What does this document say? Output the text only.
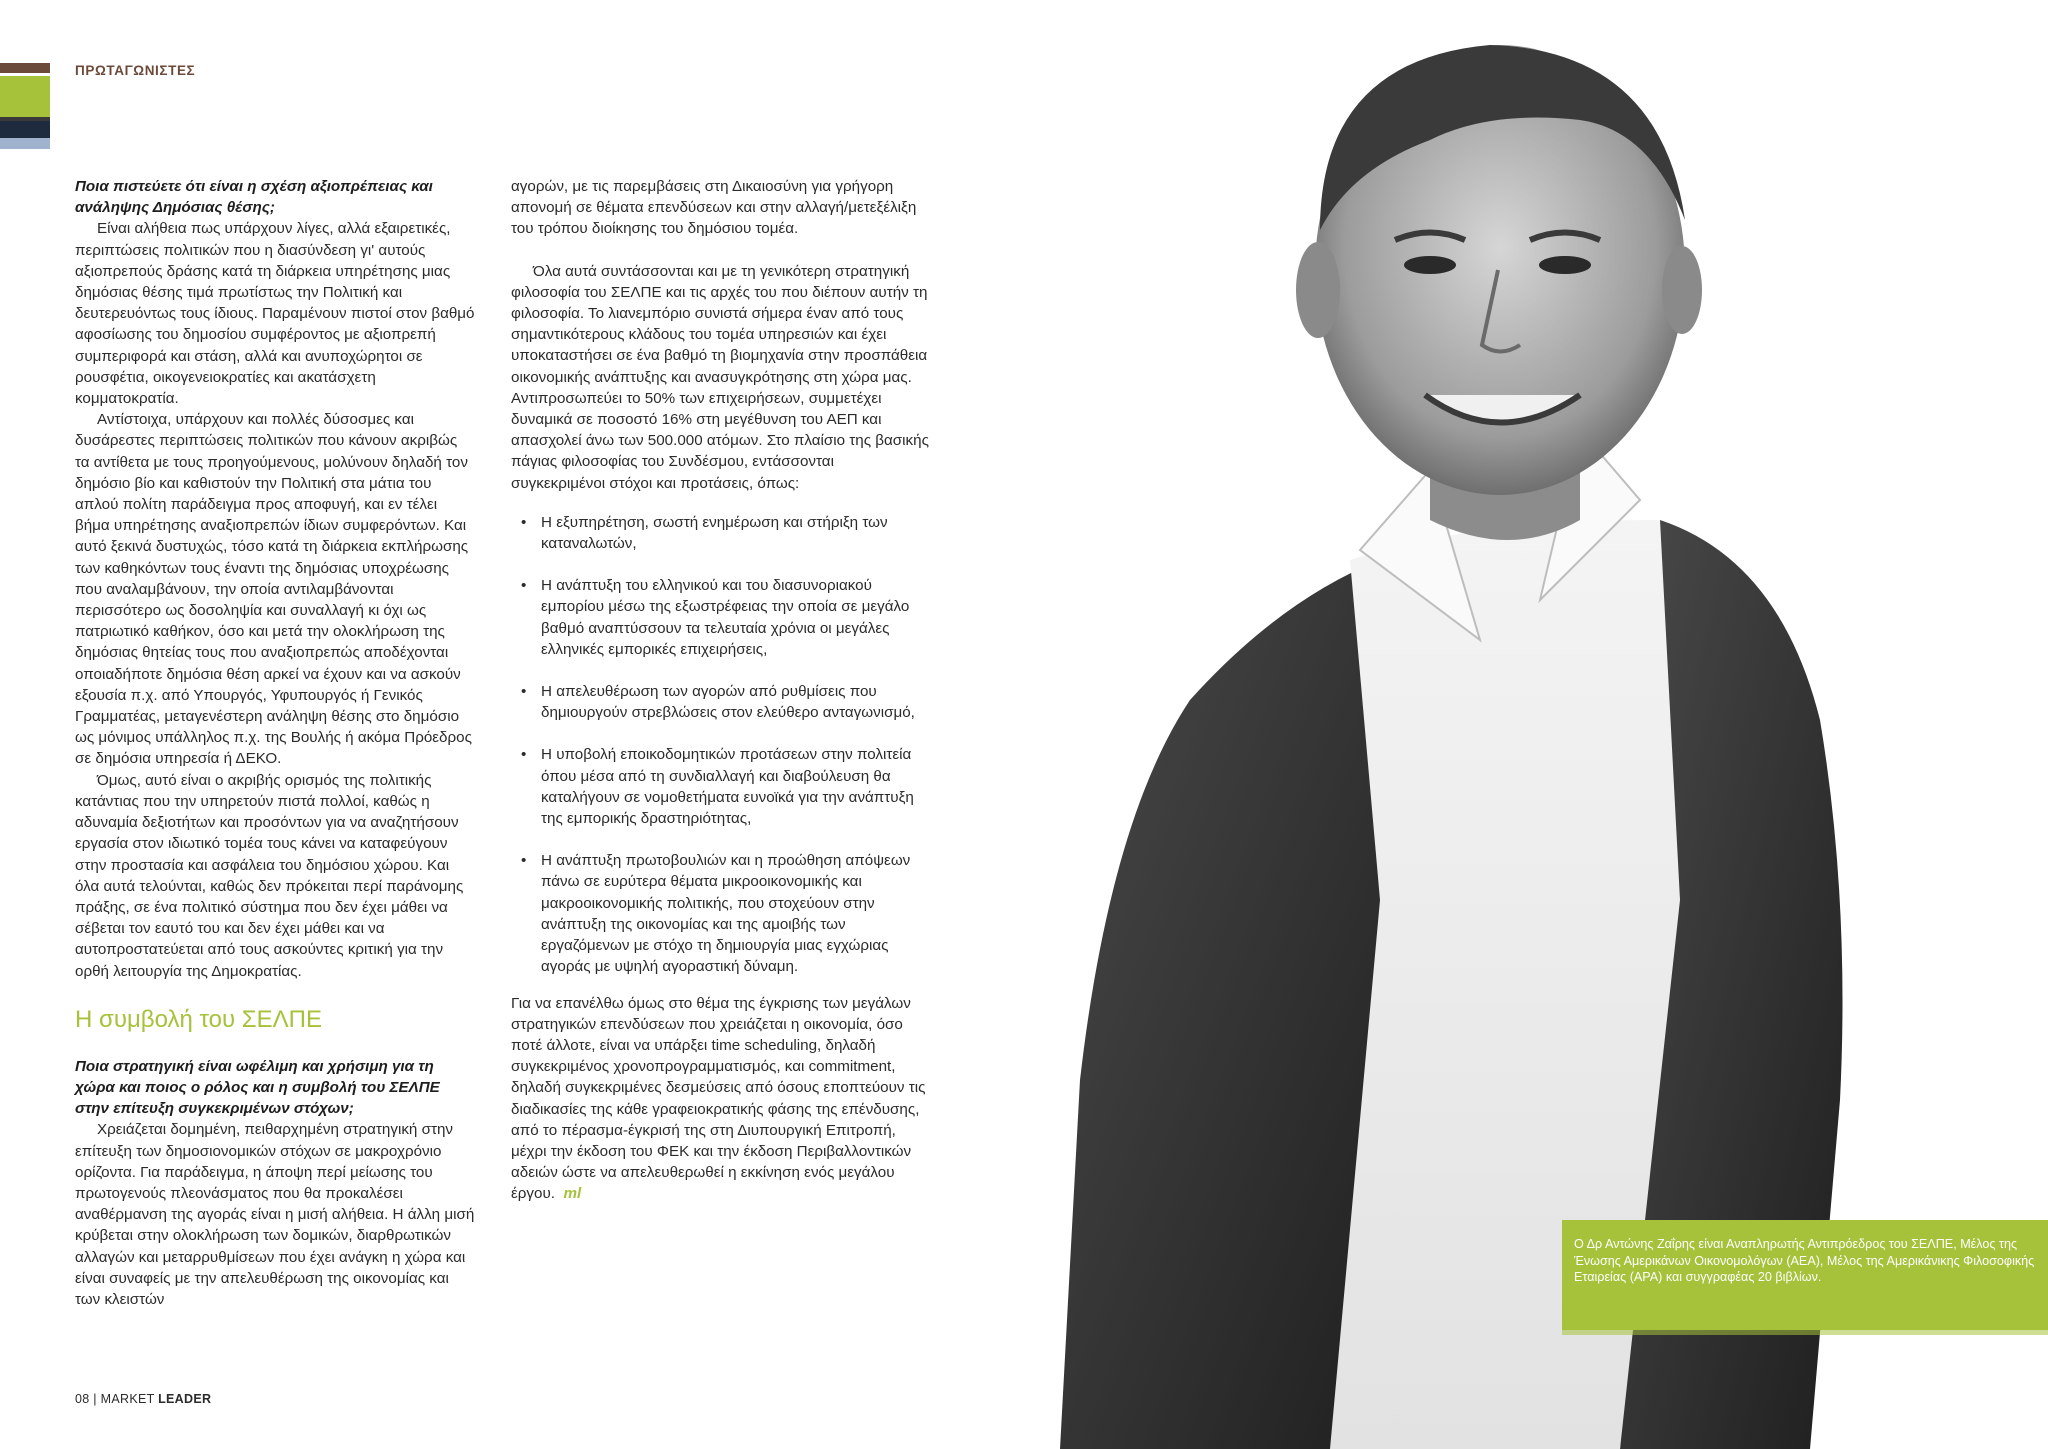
ΠΡΩΤΑΓΩΝΙΣΤΕΣ

Ποια πιστεύετε ότι είναι η σχέση αξιοπρέπειας και ανάληψης Δημόσιας θέσης;

Είναι αλήθεια πως υπάρχουν λίγες, αλλά εξαιρετικές, περιπτώσεις πολιτικών που η διασύνδεση γι' αυτούς αξιοπρεπούς δράσης κατά τη διάρκεια υπηρέτησης μιας δημόσιας θέσης τιμά πρωτίστως την Πολιτική και δευτερευόντως τους ίδιους. Παραμένουν πιστοί στον βαθμό αφοσίωσης του δημοσίου συμφέροντος με αξιοπρεπή συμπεριφορά και στάση, αλλά και ανυποχώρητοι σε ρουσφέτια, οικογενειοκρατίες και ακατάσχετη κομματοκρατία.

Αντίστοιχα, υπάρχουν και πολλές δύσοσμες και δυσάρεστες περιπτώσεις πολιτικών που κάνουν ακριβώς τα αντίθετα με τους προηγούμενους, μολύνουν δηλαδή τον δημόσιο βίο και καθιστούν την Πολιτική στα μάτια του απλού πολίτη παράδειγμα προς αποφυγή, και εν τέλει βήμα υπηρέτησης αναξιοπρεπών ίδιων συμφερόντων. Και αυτό ξεκινά δυστυχώς, τόσο κατά τη διάρκεια εκπλήρωσης των καθηκόντων τους έναντι της δημόσιας υποχρέωσης που αναλαμβάνουν, την οποία αντιλαμβάνονται περισσότερο ως δοσοληψία και συναλλαγή κι όχι ως πατριωτικό καθήκον, όσο και μετά την ολοκλήρωση της δημόσιας θητείας τους που αναξιοπρεπώς αποδέχονται οποιαδήποτε δημόσια θέση αρκεί να έχουν και να ασκούν εξουσία π.χ. από Υπουργός, Υφυπουργός ή Γενικός Γραμματέας, μεταγενέστερη ανάληψη θέσης στο δημόσιο ως μόνιμος υπάλληλος π.χ. της Βουλής ή ακόμα Πρόεδρος σε δημόσια υπηρεσία ή ΔΕΚΟ.

Όμως, αυτό είναι ο ακριβής ορισμός της πολιτικής κατάντιας που την υπηρετούν πιστά πολλοί, καθώς η αδυναμία δεξιοτήτων και προσόντων για να αναζητήσουν εργασία στον ιδιωτικό τομέα τους κάνει να καταφεύγουν στην προστασία και ασφάλεια του δημόσιου χώρου. Και όλα αυτά τελούνται, καθώς δεν πρόκειται περί παράνομης πράξης, σε ένα πολιτικό σύστημα που δεν έχει μάθει να σέβεται τον εαυτό του και δεν έχει μάθει και να αυτοπροστατεύεται από τους ασκούντες κριτική για την ορθή λειτουργία της Δημοκρατίας.

Η συμβολή του ΣΕΛΠΕ

Ποια στρατηγική είναι ωφέλιμη και χρήσιμη για τη χώρα και ποιος ο ρόλος και η συμβολή του ΣΕΛΠΕ στην επίτευξη συγκεκριμένων στόχων;

Χρειάζεται δομημένη, πειθαρχημένη στρατηγική στην επίτευξη των δημοσιονομικών στόχων σε μακροχρόνιο ορίζοντα. Για παράδειγμα, η άποψη περί μείωσης του πρωτογενούς πλεονάσματος που θα προκαλέσει αναθέρμανση της αγοράς είναι η μισή αλήθεια. Η άλλη μισή κρύβεται στην ολοκλήρωση των δομικών, διαρθρωτικών αλλαγών και μεταρρυθμίσεων που έχει ανάγκη η χώρα και είναι συναφείς με την απελευθέρωση της οικονομίας και των κλειστών

αγορών, με τις παρεμβάσεις στη Δικαιοσύνη για γρήγορη απονομή σε θέματα επενδύσεων και στην αλλαγή/μετεξέλιξη του τρόπου διοίκησης του δημόσιου τομέα.

Όλα αυτά συντάσσονται και με τη γενικότερη στρατηγική φιλοσοφία του ΣΕΛΠΕ και τις αρχές του που διέπουν αυτήν τη φιλοσοφία. Το λιανεμπόριο συνιστά σήμερα έναν από τους σημαντικότερους κλάδους του τομέα υπηρεσιών και έχει υποκαταστήσει σε ένα βαθμό τη βιομηχανία στην προσπάθεια οικονομικής ανάπτυξης και ανασυγκρότησης στη χώρα μας. Αντιπροσωπεύει το 50% των επιχειρήσεων, συμμετέχει δυναμικά σε ποσοστό 16% στη μεγέθυνση του ΑΕΠ και απασχολεί άνω των 500.000 ατόμων. Στο πλαίσιο της βασικής πάγιας φιλοσοφίας του Συνδέσμου, εντάσσονται συγκεκριμένοι στόχοι και προτάσεις, όπως:

• Η εξυπηρέτηση, σωστή ενημέρωση και στήριξη των καταναλωτών,
• Η ανάπτυξη του ελληνικού και του διασυνοριακού εμπορίου μέσω της εξωστρέφειας την οποία σε μεγάλο βαθμό αναπτύσσουν τα τελευταία χρόνια οι μεγάλες ελληνικές εμπορικές επιχειρήσεις,
• Η απελευθέρωση των αγορών από ρυθμίσεις που δημιουργούν στρεβλώσεις στον ελεύθερο ανταγωνισμό,
• Η υποβολή εποικοδομητικών προτάσεων στην πολιτεία όπου μέσα από τη συνδιαλλαγή και διαβούλευση θα καταλήγουν σε νομοθετήματα ευνοϊκά για την ανάπτυξη της εμπορικής δραστηριότητας,
• Η ανάπτυξη πρωτοβουλιών και η προώθηση απόψεων πάνω σε ευρύτερα θέματα μικροοικονομικής και μακροοικονομικής πολιτικής, που στοχεύουν στην ανάπτυξη της οικονομίας και της αμοιβής των εργαζόμενων με στόχο τη δημιουργία μιας εγχώριας αγοράς με υψηλή αγοραστική δύναμη.

Για να επανέλθω όμως στο θέμα της έγκρισης των μεγάλων στρατηγικών επενδύσεων που χρειάζεται η οικονομία, όσο ποτέ άλλοτε, είναι να υπάρξει time scheduling, δηλαδή συγκεκριμένος χρονοπρογραμματισμός, και commitment, δηλαδή συγκεκριμένες δεσμεύσεις από όσους εποπτεύουν τις διαδικασίες της κάθε γραφειοκρατικής φάσης της επένδυσης, από το πέρασμα-έγκρισή της στη Διυπουργική Επιτροπή, μέχρι την έκδοση του ΦΕΚ και την έκδοση Περιβαλλοντικών αδειών ώστε να απελευθερωθεί η εκκίνηση ενός μεγάλου έργου. ml

08 | MARKET LEADER
Ο Δρ Αντώνης Ζαΐρης είναι Αναπληρωτής Αντιπρόεδρος του ΣΕΛΠΕ, Μέλος της Ένωσης Αμερικάνων Οικονομολόγων (AEA), Μέλος της Αμερικάνικης Φιλοσοφικής Εταιρείας (APA) και συγγραφέας 20 βιβλίων.
